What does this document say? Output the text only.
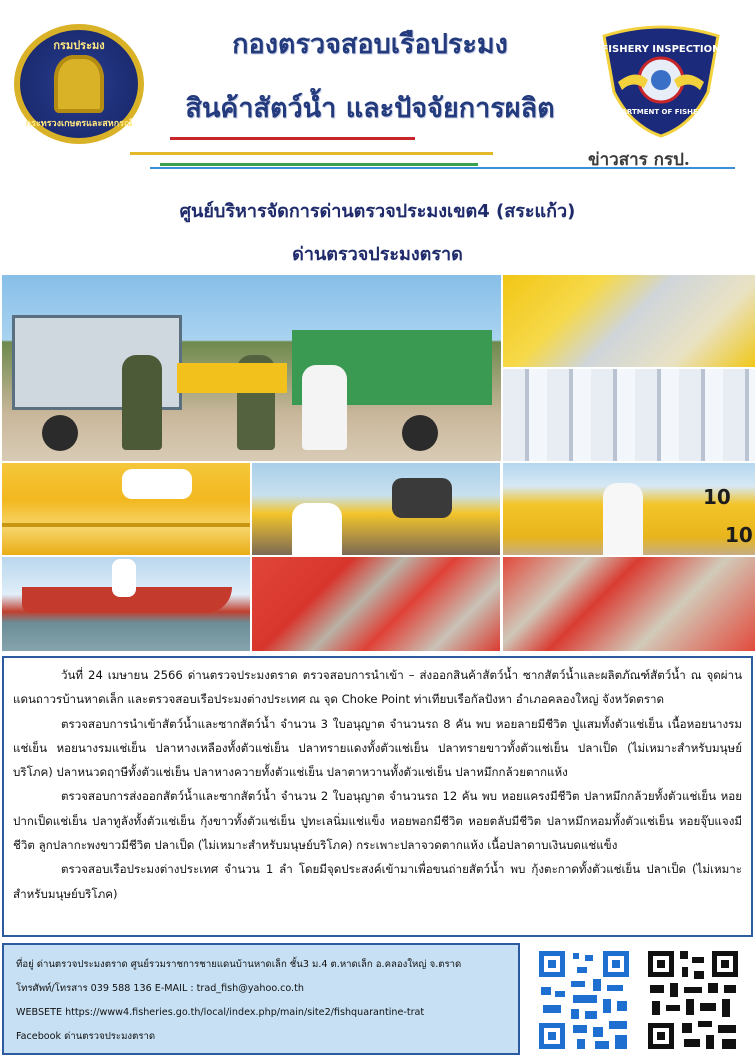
กรมประมง
กระทรวงเกษตรและสหกรณ์
กองตรวจสอบเรือประมง
สินค้าสัตว์น้ำ และปัจจัยการผลิต
FISHERY INSPECTION
DEPARTMENT OF FISHERIES
ข่าวสาร กรป.
ศูนย์บริหารจัดการด่านตรวจประมงเขต4 (สระแก้ว)
ด่านตรวจประมงตราด
10
10

วันที่ 24 เมษายน 2566 ด่านตรวจประมงตราด ตรวจสอบการนำเข้า – ส่งออกสินค้าสัตว์น้ำ ซากสัตว์น้ำและผลิตภัณฑ์สัตว์น้ำ ณ จุดผ่านแดนถาวรบ้านหาดเล็ก และตรวจสอบเรือประมงต่างประเทศ ณ จุด Choke Point ท่าเทียบเรือกัลปังหา อำเภอคลองใหญ่ จังหวัดตราด

ตรวจสอบการนำเข้าสัตว์น้ำและซากสัตว์น้ำ จำนวน 3 ใบอนุญาต จำนวนรถ 8 คัน พบ หอยลายมีชีวิต ปูแสมทั้งตัวแช่เย็น เนื้อหอยนางรมแช่เย็น หอยนางรมแช่เย็น ปลาหางเหลืองทั้งตัวแช่เย็น ปลาทรายแดงทั้งตัวแช่เย็น ปลาทรายขาวทั้งตัวแช่เย็น ปลาเป็ด (ไม่เหมาะสำหรับมนุษย์บริโภค) ปลาหนวดฤาษีทั้งตัวแช่เย็น ปลาหางควายทั้งตัวแช่เย็น ปลาตาหวานทั้งตัวแช่เย็น ปลาหมึกกล้วยตากแห้ง

ตรวจสอบการส่งออกสัตว์น้ำและซากสัตว์น้ำ จำนวน 2 ใบอนุญาต จำนวนรถ 12 คัน พบ หอยแครงมีชีวิต ปลาหมึกกล้วยทั้งตัวแช่เย็น หอยปากเป็ดแช่เย็น ปลาทูลังทั้งตัวแช่เย็น กุ้งขาวทั้งตัวแช่เย็น ปูทะเลนิ่มแช่แข็ง หอยพอกมีชีวิต หอยตลับมีชีวิต ปลาหมึกหอมทั้งตัวแช่เย็น หอยจุ๊บแจงมีชีวิต ลูกปลากะพงขาวมีชีวิต ปลาเป็ด (ไม่เหมาะสำหรับมนุษย์บริโภค) กระเพาะปลาจวดตากแห้ง เนื้อปลาดาบเงินบดแช่แข็ง

ตรวจสอบเรือประมงต่างประเทศ จำนวน 1 ลำ โดยมีจุดประสงค์เข้ามาเพื่อขนถ่ายสัตว์น้ำ พบ กุ้งตะกาดทั้งตัวแช่เย็น ปลาเป็ด (ไม่เหมาะสำหรับมนุษย์บริโภค)

ที่อยู่ ด่านตรวจประมงตราด ศูนย์รวมราชการชายแดนบ้านหาดเล็ก ชั้น3 ม.4 ต.หาดเล็ก อ.คลองใหญ่ จ.ตราด
โทรศัพท์/โทรสาร 039 588 136 E-MAIL : trad_fish@yahoo.co.th
WEBSETE https://www4.fisheries.go.th/local/index.php/main/site2/fishquarantine-trat
Facebook ด่านตรวจประมงตราด
